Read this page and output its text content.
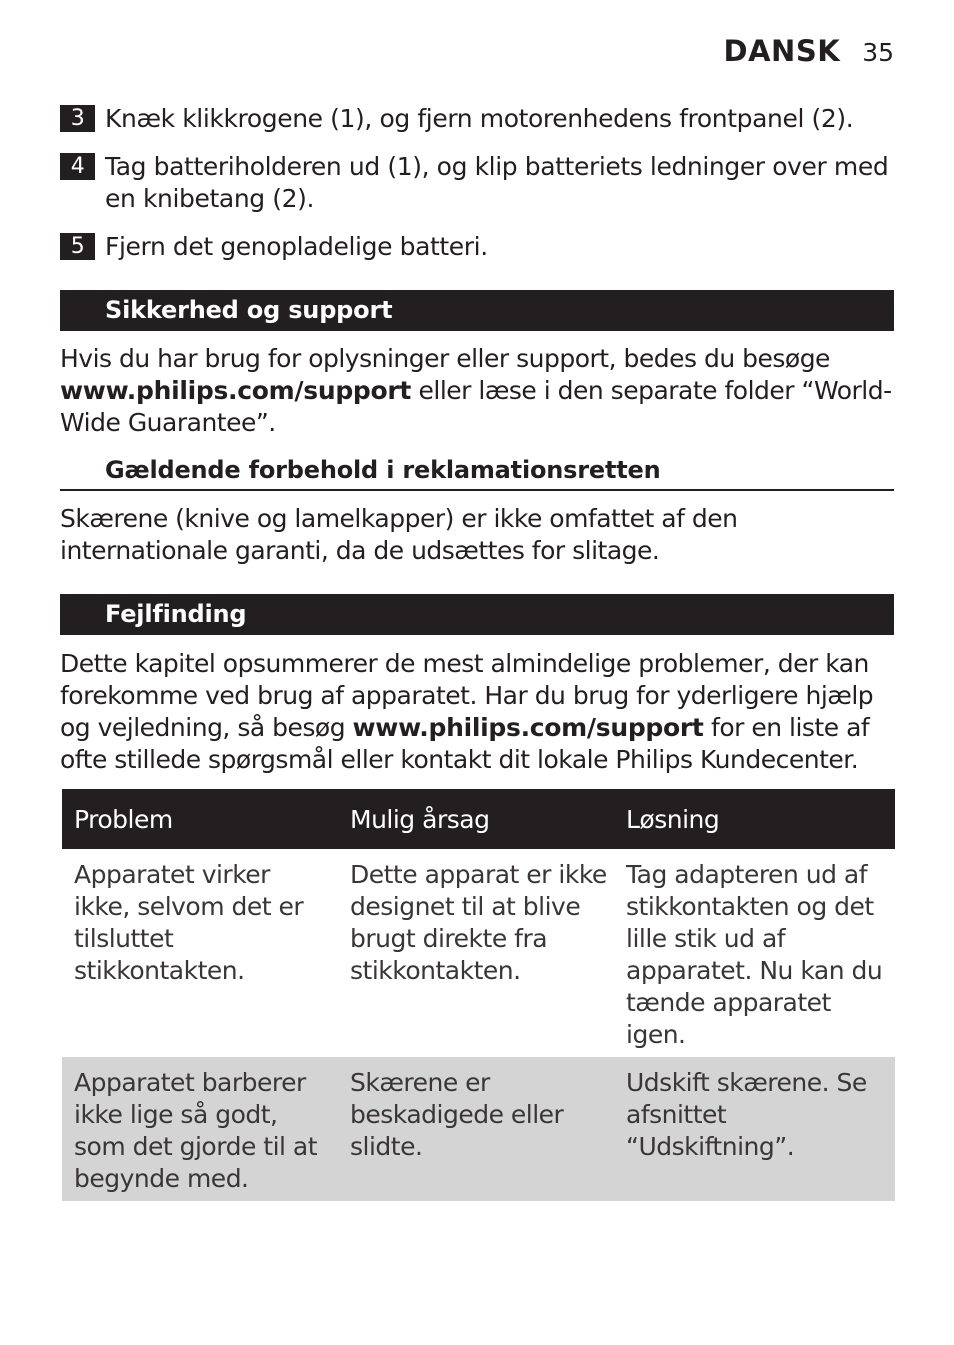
DANSK 35
3 Knæk klikkrogene (1), og fjern motorenhedens frontpanel (2).
4 Tag batteriholderen ud (1), og klip batteriets ledninger over med en knibetang (2).
5 Fjern det genopladelige batteri.
Sikkerhed og support
Hvis du har brug for oplysninger eller support, bedes du besøge www.philips.com/support eller læse i den separate folder “World-Wide Guarantee”.
Gældende forbehold i reklamationsretten
Skærene (knive og lamelkapper) er ikke omfattet af den internationale garanti, da de udsættes for slitage.
Fejlfinding
Dette kapitel opsummerer de mest almindelige problemer, der kan forekomme ved brug af apparatet. Har du brug for yderligere hjælp og vejledning, så besøg www.philips.com/support for en liste af ofte stillede spørgsmål eller kontakt dit lokale Philips Kundecenter.
Problem	Mulig årsag	Løsning
Apparatet virker ikke, selvom det er tilsluttet stikkontakten.	Dette apparat er ikke designet til at blive brugt direkte fra stikkontakten.	Tag adapteren ud af stikkontakten og det lille stik ud af apparatet. Nu kan du tænde apparatet igen.
Apparatet barberer ikke lige så godt, som det gjorde til at begynde med.	Skærene er beskadigede eller slidte.	Udskift skærene. Se afsnittet “Udskiftning”.
